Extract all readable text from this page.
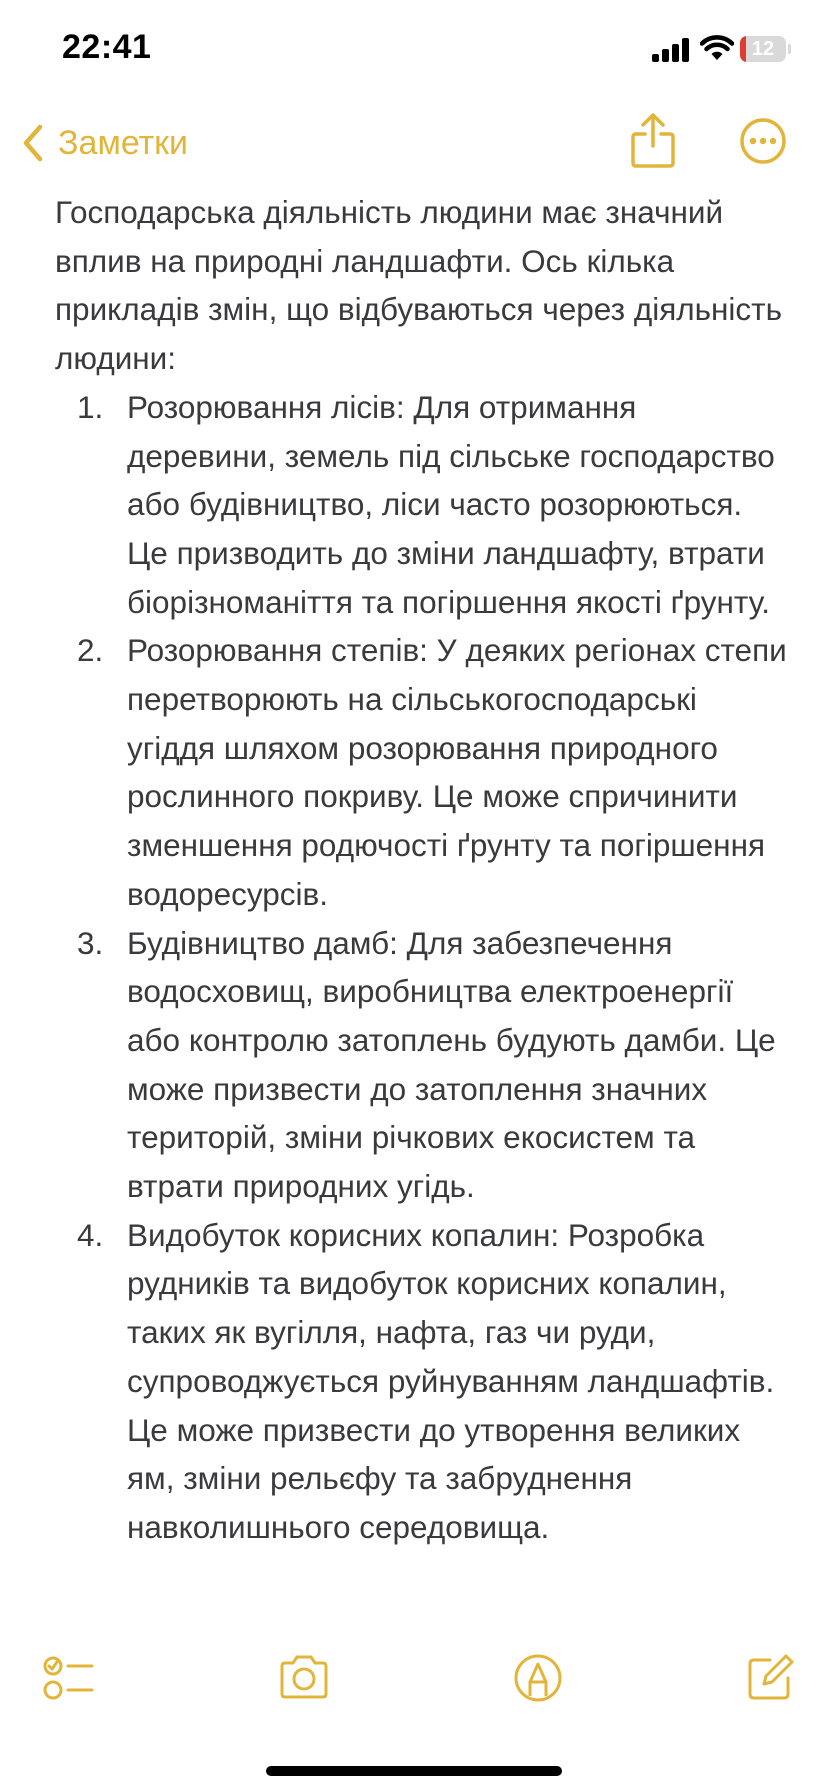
22:41	12
Заметки

Господарська діяльність людини має значний вплив на природні ландшафти. Ось кілька прикладів змін, що відбуваються через діяльність людини:

1. Розорювання лісів: Для отримання деревини, земель під сільське господарство або будівництво, ліси часто розорюються. Це призводить до зміни ландшафту, втрати біорізноманіття та погіршення якості ґрунту.
2. Розорювання степів: У деяких регіонах степи перетворюють на сільськогосподарські угіддя шляхом розорювання природного рослинного покриву. Це може спричинити зменшення родючості ґрунту та погіршення водоресурсів.
3. Будівництво дамб: Для забезпечення водосховищ, виробництва електроенергії або контролю затоплень будують дамби. Це може призвести до затоплення значних територій, зміни річкових екосистем та втрати природних угідь.
4. Видобуток корисних копалин: Розробка рудників та видобуток корисних копалин, таких як вугілля, нафта, газ чи руди, супроводжується руйнуванням ландшафтів. Це може призвести до утворення великих ям, зміни рельєфу та забруднення навколишнього середовища.
